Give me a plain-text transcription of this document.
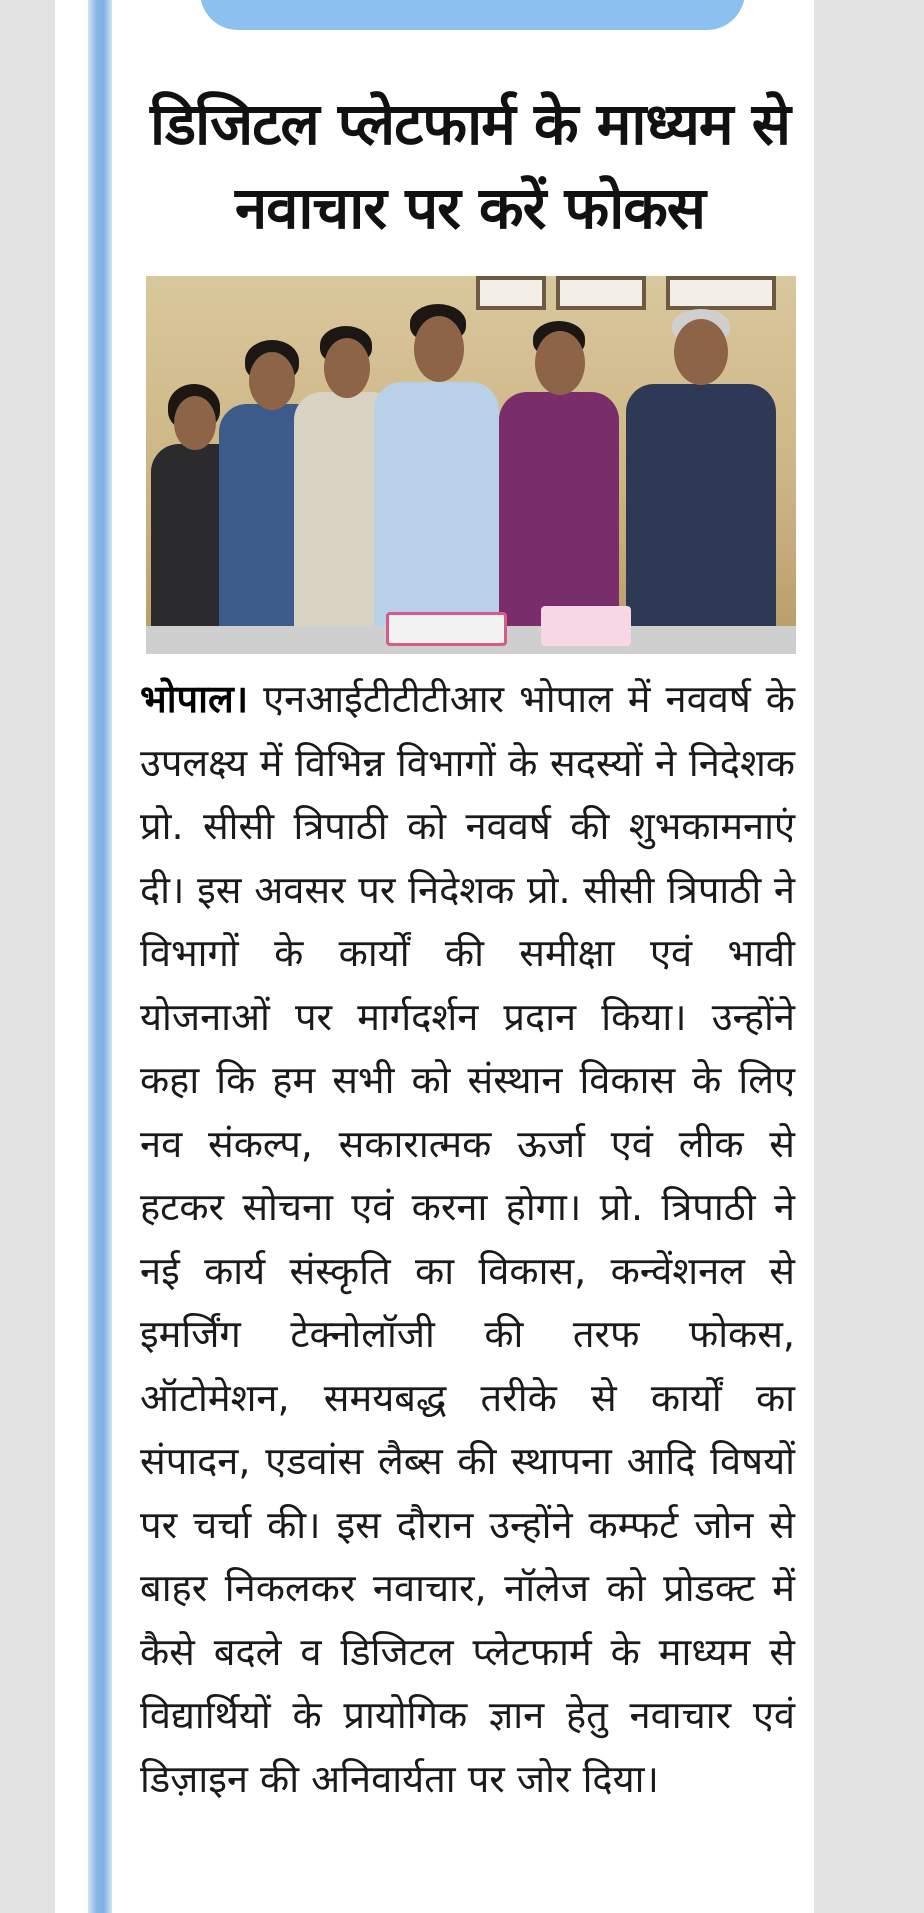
डिजिटल प्लेटफार्म के माध्यम से नवाचार पर करें फोकस

भोपाल। एनआईटीटीटीआर भोपाल में नववर्ष के उपलक्ष्य में विभिन्न विभागों के सदस्यों ने निदेशक प्रो. सीसी त्रिपाठी को नववर्ष की शुभकामनाएं दी। इस अवसर पर निदेशक प्रो. सीसी त्रिपाठी ने विभागों के कार्यों की समीक्षा एवं भावी योजनाओं पर मार्गदर्शन प्रदान किया। उन्होंने कहा कि हम सभी को संस्थान विकास के लिए नव संकल्प, सकारात्मक ऊर्जा एवं लीक से हटकर सोचना एवं करना होगा। प्रो. त्रिपाठी ने नई कार्य संस्कृति का विकास, कन्वेंशनल से इमर्जिंग टेक्नोलॉजी की तरफ फोकस, ऑटोमेशन, समयबद्ध तरीके से कार्यों का संपादन, एडवांस लैब्स की स्थापना आदि विषयों पर चर्चा की। इस दौरान उन्होंने कम्फर्ट जोन से बाहर निकलकर नवाचार, नॉलेज को प्रोडक्ट में कैसे बदले व डिजिटल प्लेटफार्म के माध्यम से विद्यार्थियों के प्रायोगिक ज्ञान हेतु नवाचार एवं डिज़ाइन की अनिवार्यता पर जोर दिया।
